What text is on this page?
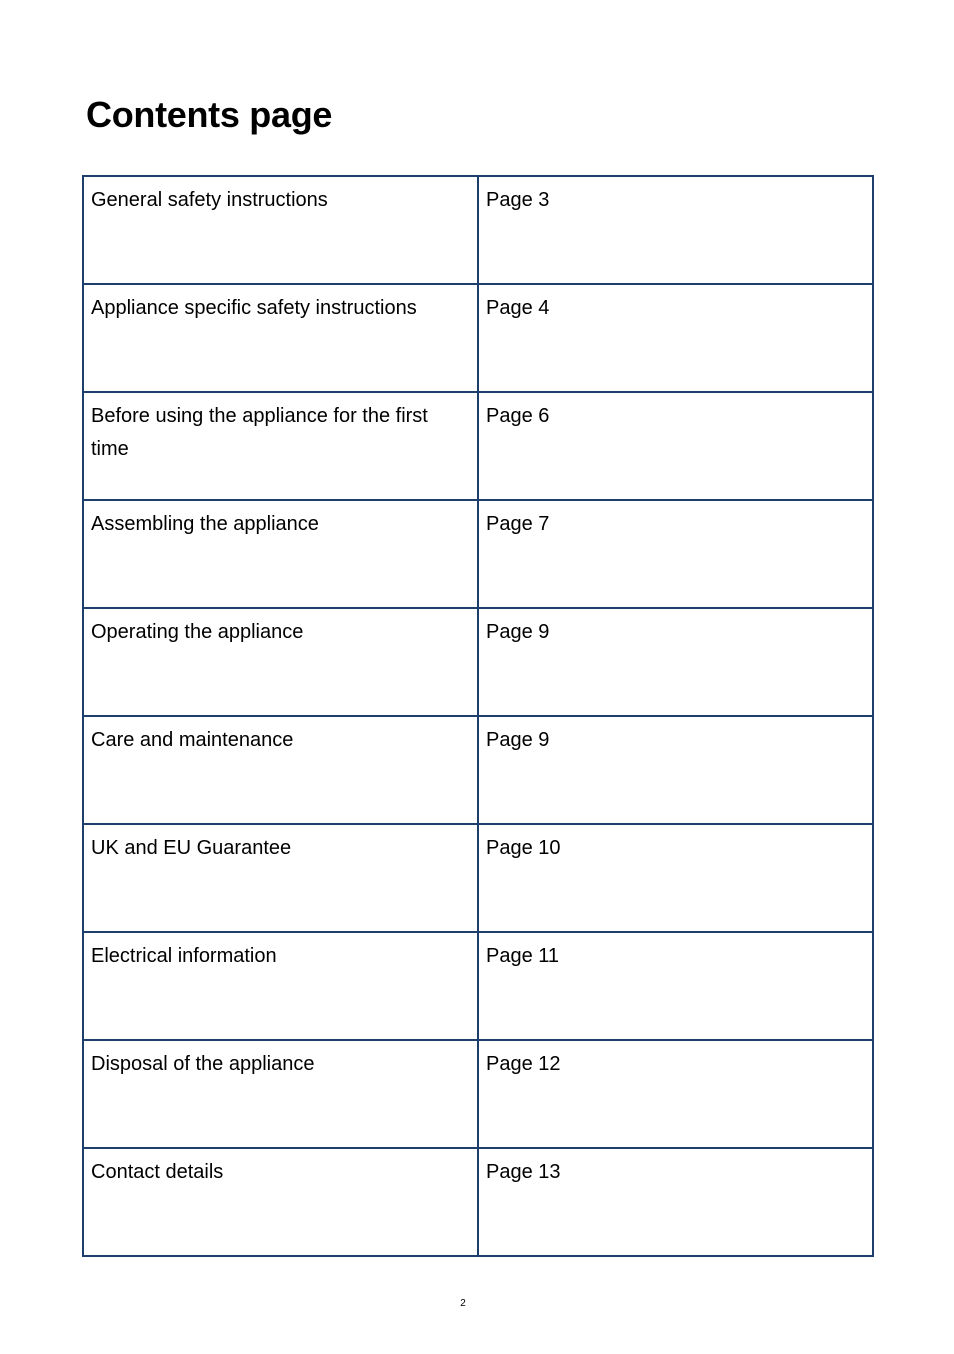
Contents page
General safety instructions	Page 3
Appliance specific safety instructions	Page 4
Before using the appliance for the first time	Page 6
Assembling the appliance	Page 7
Operating the appliance	Page 9
Care and maintenance	Page 9
UK and EU Guarantee	Page 10
Electrical information	Page 11
Disposal of the appliance	Page 12
Contact details	Page 13
2
